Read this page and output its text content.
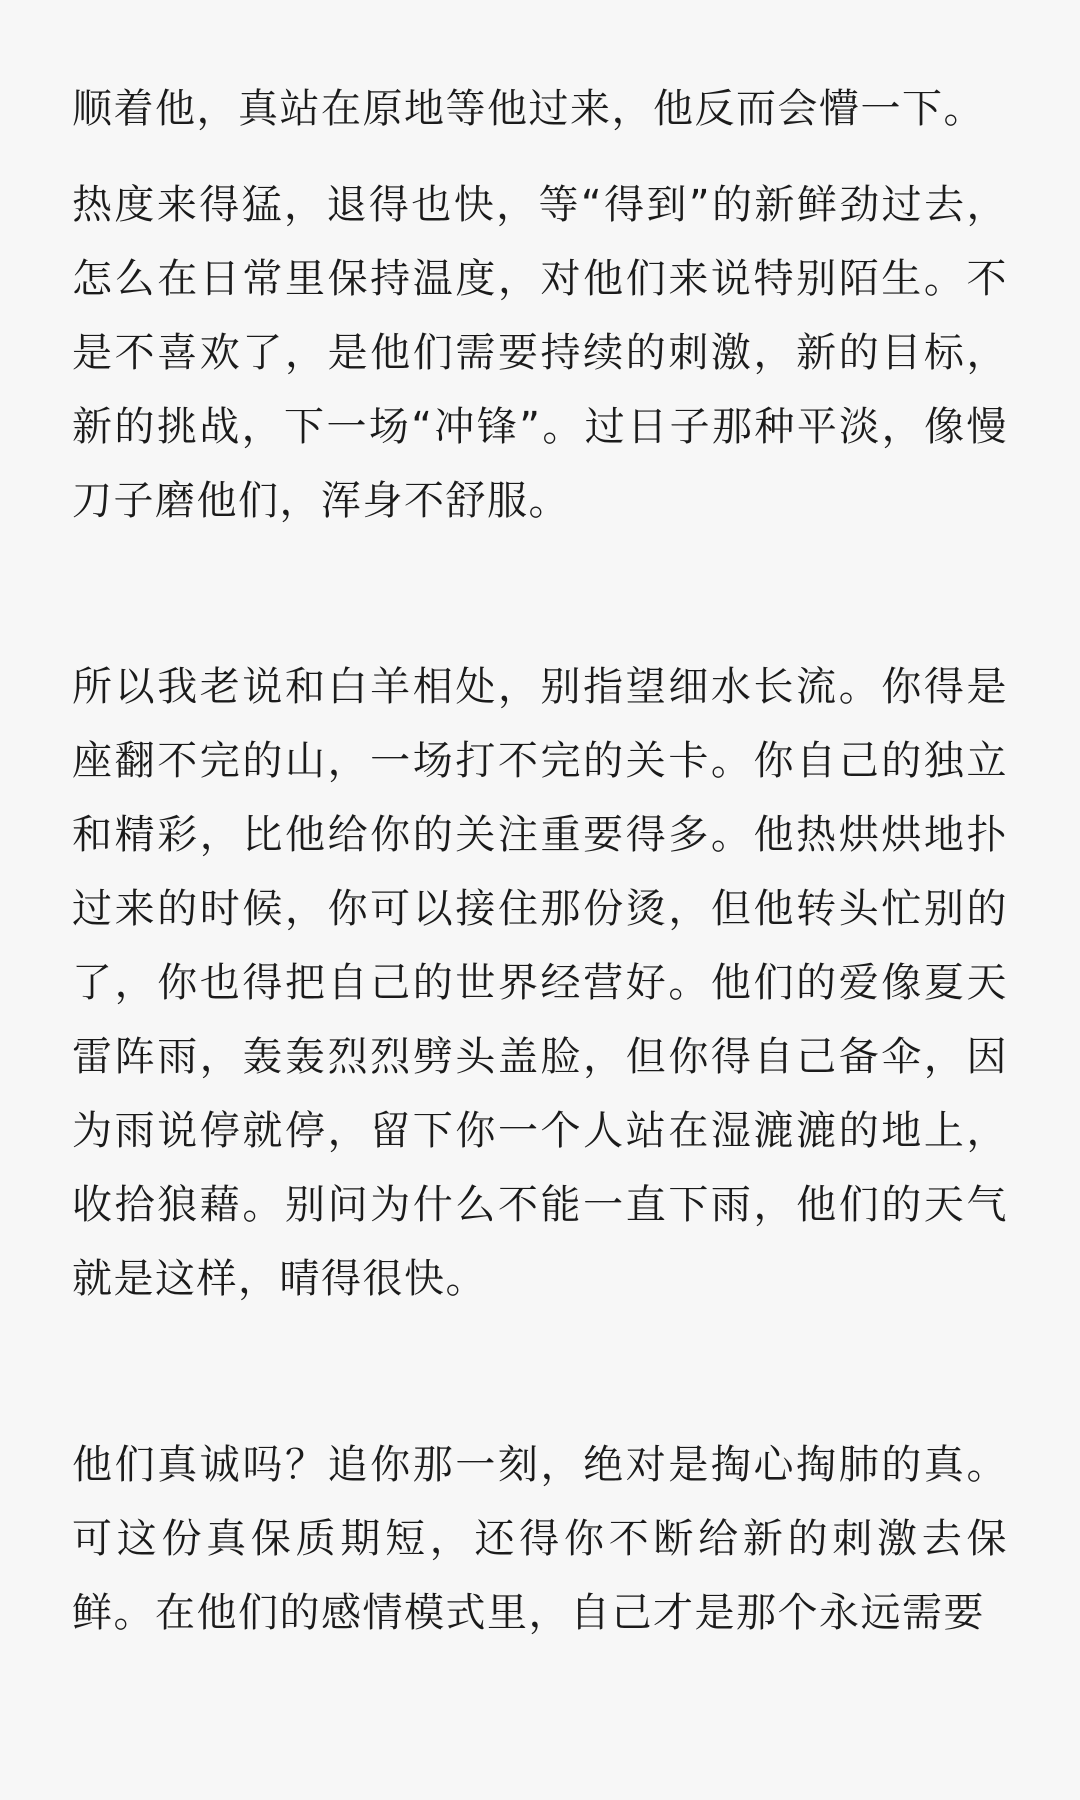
顺着他，真站在原地等他过来，他反而会懵一下。

热度来得猛，退得也快，等“得到”的新鲜劲过去，怎么在日常里保持温度，对他们来说特别陌生。不是不喜欢了，是他们需要持续的刺激，新的目标，新的挑战，下一场“冲锋”。过日子那种平淡，像慢刀子磨他们，浑身不舒服。

所以我老说和白羊相处，别指望细水长流。你得是座翻不完的山，一场打不完的关卡。你自己的独立和精彩，比他给你的关注重要得多。他热烘烘地扑过来的时候，你可以接住那份烫，但他转头忙别的了，你也得把自己的世界经营好。他们的爱像夏天雷阵雨，轰轰烈烈劈头盖脸，但你得自己备伞，因为雨说停就停，留下你一个人站在湿漉漉的地上，收拾狼藉。别问为什么不能一直下雨，他们的天气就是这样，晴得很快。

他们真诚吗？追你那一刻，绝对是掏心掏肺的真。可这份真保质期短，还得你不断给新的刺激去保鲜。在他们的感情模式里，自己才是那个永远需要
